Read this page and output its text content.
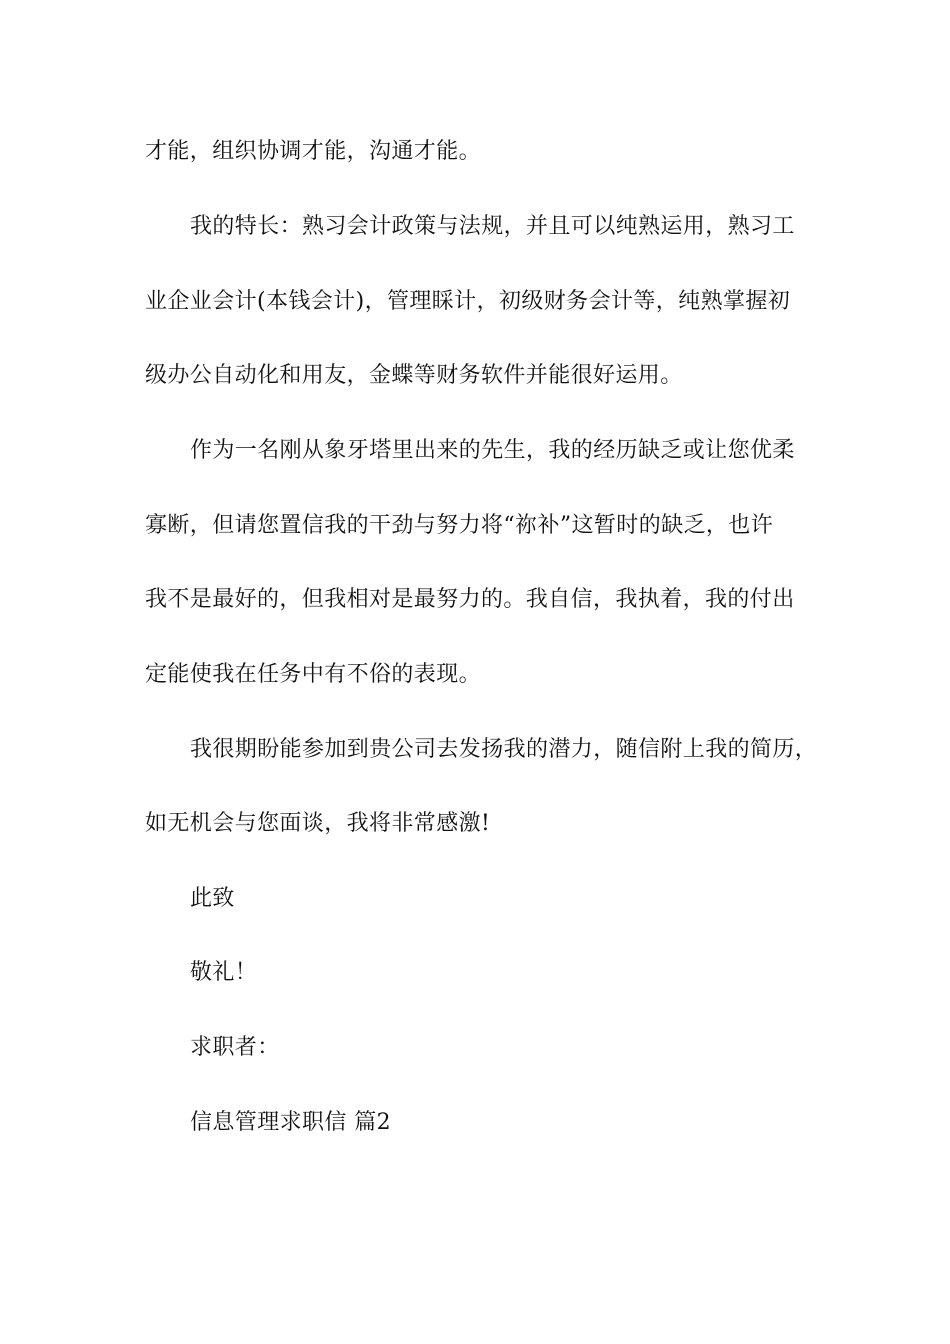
才能，组织协调才能，沟通才能。
我的特长：熟习会计政策与法规，并且可以纯熟运用，熟习工
业企业会计(本钱会计)，管理睬计，初级财务会计等，纯熟掌握初
级办公自动化和用友，金蝶等财务软件并能很好运用。
作为一名刚从象牙塔里出来的先生，我的经历缺乏或让您优柔
寡断，但请您置信我的干劲与努力将“祢补”这暂时的缺乏，也许
我不是最好的，但我相对是最努力的。我自信，我执着，我的付出
定能使我在任务中有不俗的表现。
我很期盼能参加到贵公司去发扬我的潜力，随信附上我的简历，
如无机会与您面谈，我将非常感激!
此致
敬礼！
求职者：
信息管理求职信 篇2
